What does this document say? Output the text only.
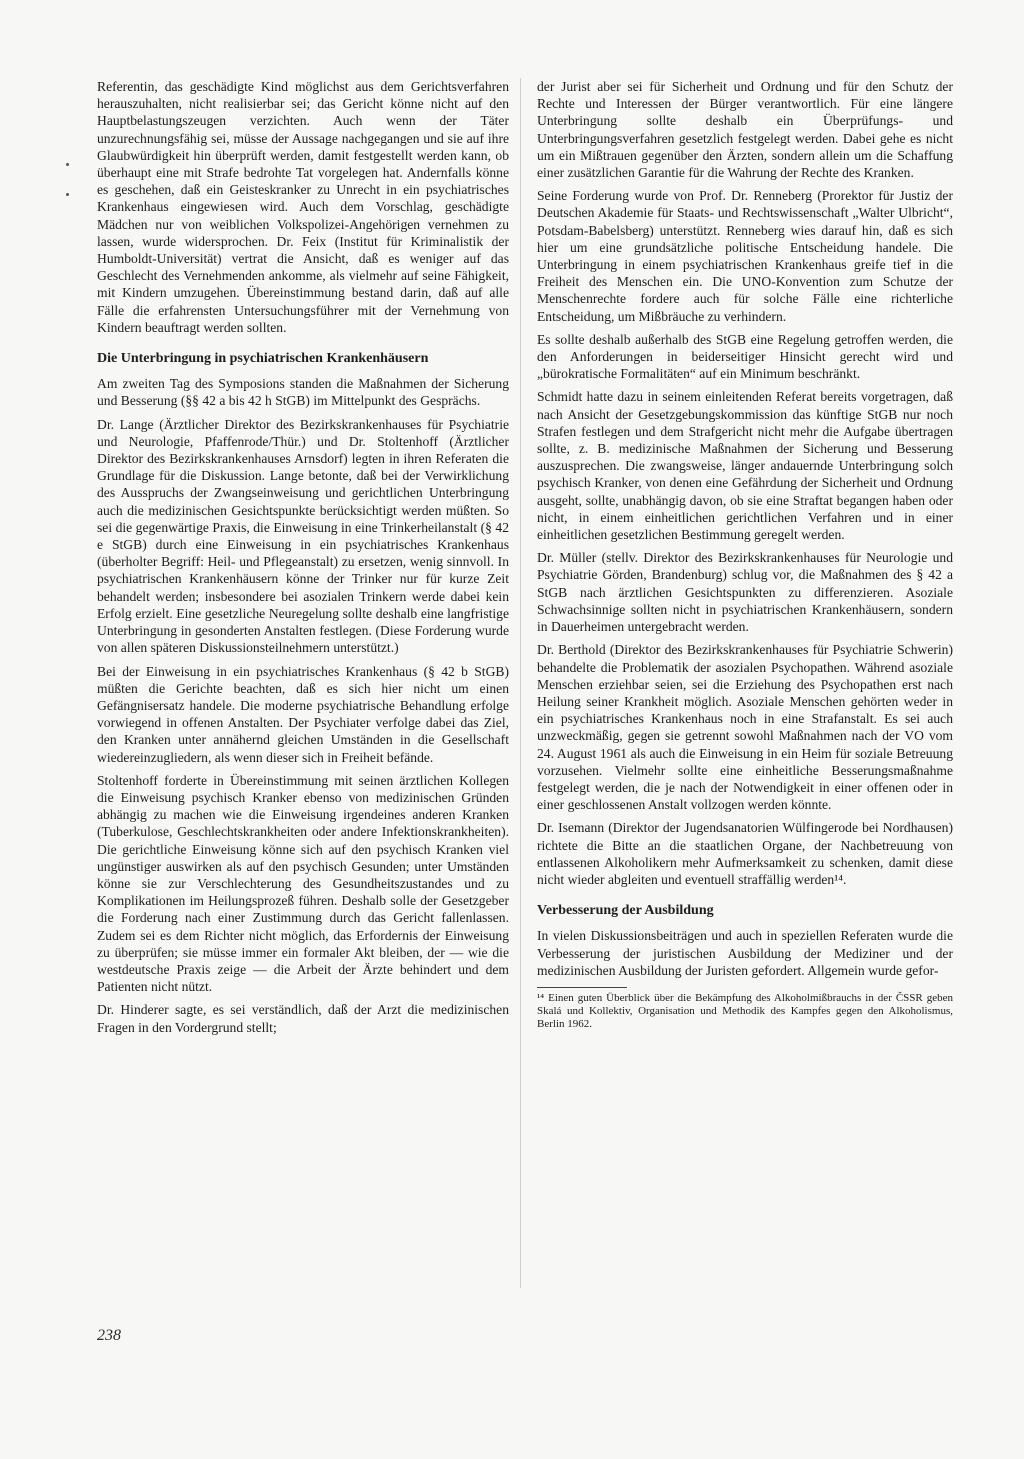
Referentin, das geschädigte Kind möglichst aus dem Gerichtsverfahren herauszuhalten, nicht realisierbar sei; das Gericht könne nicht auf den Hauptbelastungszeugen verzichten. Auch wenn der Täter unzurechnungsfähig sei, müsse der Aussage nachgegangen und sie auf ihre Glaubwürdigkeit hin überprüft werden, damit festgestellt werden kann, ob überhaupt eine mit Strafe bedrohte Tat vorgelegen hat. Andernfalls könne es geschehen, daß ein Geisteskranker zu Unrecht in ein psychiatrisches Krankenhaus eingewiesen wird. Auch dem Vorschlag, geschädigte Mädchen nur von weiblichen Volkspolizei-Angehörigen vernehmen zu lassen, wurde widersprochen. Dr. Feix (Institut für Kriminalistik der Humboldt-Universität) vertrat die Ansicht, daß es weniger auf das Geschlecht des Vernehmenden ankomme, als vielmehr auf seine Fähigkeit, mit Kindern umzugehen. Übereinstimmung bestand darin, daß auf alle Fälle die erfahrensten Untersuchungsführer mit der Vernehmung von Kindern beauftragt werden sollten.

Die Unterbringung in psychiatrischen Krankenhäusern

Am zweiten Tag des Symposions standen die Maßnahmen der Sicherung und Besserung (§§ 42 a bis 42 h StGB) im Mittelpunkt des Gesprächs.

Dr. Lange (Ärztlicher Direktor des Bezirkskrankenhauses für Psychiatrie und Neurologie, Pfaffenrode/Thür.) und Dr. Stoltenhoff (Ärztlicher Direktor des Bezirkskrankenhauses Arnsdorf) legten in ihren Referaten die Grundlage für die Diskussion. Lange betonte, daß bei der Verwirklichung des Ausspruchs der Zwangseinweisung und gerichtlichen Unterbringung auch die medizinischen Gesichtspunkte berücksichtigt werden müßten. So sei die gegenwärtige Praxis, die Einweisung in eine Trinkerheilanstalt (§ 42 e StGB) durch eine Einweisung in ein psychiatrisches Krankenhaus (überholter Begriff: Heil- und Pflegeanstalt) zu ersetzen, wenig sinnvoll. In psychiatrischen Krankenhäusern könne der Trinker nur für kurze Zeit behandelt werden; insbesondere bei asozialen Trinkern werde dabei kein Erfolg erzielt. Eine gesetzliche Neuregelung sollte deshalb eine langfristige Unterbringung in gesonderten Anstalten festlegen. (Diese Forderung wurde von allen späteren Diskussionsteilnehmern unterstützt.)

Bei der Einweisung in ein psychiatrisches Krankenhaus (§ 42 b StGB) müßten die Gerichte beachten, daß es sich hier nicht um einen Gefängnisersatz handele. Die moderne psychiatrische Behandlung erfolge vorwiegend in offenen Anstalten. Der Psychiater verfolge dabei das Ziel, den Kranken unter annähernd gleichen Umständen in die Gesellschaft wiedereinzugliedern, als wenn dieser sich in Freiheit befände.

Stoltenhoff forderte in Übereinstimmung mit seinen ärztlichen Kollegen die Einweisung psychisch Kranker ebenso von medizinischen Gründen abhängig zu machen wie die Einweisung irgendeines anderen Kranken (Tuberkulose, Geschlechtskrankheiten oder andere Infektionskrankheiten). Die gerichtliche Einweisung könne sich auf den psychisch Kranken viel ungünstiger auswirken als auf den psychisch Gesunden; unter Umständen könne sie zur Verschlechterung des Gesundheitszustandes und zu Komplikationen im Heilungsprozeß führen. Deshalb solle der Gesetzgeber die Forderung nach einer Zustimmung durch das Gericht fallenlassen. Zudem sei es dem Richter nicht möglich, das Erfordernis der Einweisung zu überprüfen; sie müsse immer ein formaler Akt bleiben, der — wie die westdeutsche Praxis zeige — die Arbeit der Ärzte behindert und dem Patienten nicht nützt.

Dr. Hinderer sagte, es sei verständlich, daß der Arzt die medizinischen Fragen in den Vordergrund stellt;

der Jurist aber sei für Sicherheit und Ordnung und für den Schutz der Rechte und Interessen der Bürger verantwortlich. Für eine längere Unterbringung sollte deshalb ein Überprüfungs- und Unterbringungsverfahren gesetzlich festgelegt werden. Dabei gehe es nicht um ein Mißtrauen gegenüber den Ärzten, sondern allein um die Schaffung einer zusätzlichen Garantie für die Wahrung der Rechte des Kranken.

Seine Forderung wurde von Prof. Dr. Renneberg (Prorektor für Justiz der Deutschen Akademie für Staats- und Rechtswissenschaft „Walter Ulbricht“, Potsdam-Babelsberg) unterstützt. Renneberg wies darauf hin, daß es sich hier um eine grundsätzliche politische Entscheidung handele. Die Unterbringung in einem psychiatrischen Krankenhaus greife tief in die Freiheit des Menschen ein. Die UNO-Konvention zum Schutze der Menschenrechte fordere auch für solche Fälle eine richterliche Entscheidung, um Mißbräuche zu verhindern.

Es sollte deshalb außerhalb des StGB eine Regelung getroffen werden, die den Anforderungen in beiderseitiger Hinsicht gerecht wird und „bürokratische Formalitäten“ auf ein Minimum beschränkt.

Schmidt hatte dazu in seinem einleitenden Referat bereits vorgetragen, daß nach Ansicht der Gesetzgebungskommission das künftige StGB nur noch Strafen festlegen und dem Strafgericht nicht mehr die Aufgabe übertragen sollte, z. B. medizinische Maßnahmen der Sicherung und Besserung auszusprechen. Die zwangsweise, länger andauernde Unterbringung solch psychisch Kranker, von denen eine Gefährdung der Sicherheit und Ordnung ausgeht, sollte, unabhängig davon, ob sie eine Straftat begangen haben oder nicht, in einem einheitlichen gerichtlichen Verfahren und in einer einheitlichen gesetzlichen Bestimmung geregelt werden.

Dr. Müller (stellv. Direktor des Bezirkskrankenhauses für Neurologie und Psychiatrie Görden, Brandenburg) schlug vor, die Maßnahmen des § 42 a StGB nach ärztlichen Gesichtspunkten zu differenzieren. Asoziale Schwachsinnige sollten nicht in psychiatrischen Krankenhäusern, sondern in Dauerheimen untergebracht werden.

Dr. Berthold (Direktor des Bezirkskrankenhauses für Psychiatrie Schwerin) behandelte die Problematik der asozialen Psychopathen. Während asoziale Menschen erziehbar seien, sei die Erziehung des Psychopathen erst nach Heilung seiner Krankheit möglich. Asoziale Menschen gehörten weder in ein psychiatrisches Krankenhaus noch in eine Strafanstalt. Es sei auch unzweckmäßig, gegen sie getrennt sowohl Maßnahmen nach der VO vom 24. August 1961 als auch die Einweisung in ein Heim für soziale Betreuung vorzusehen. Vielmehr sollte eine einheitliche Besserungsmaßnahme festgelegt werden, die je nach der Notwendigkeit in einer offenen oder in einer geschlossenen Anstalt vollzogen werden könnte.

Dr. Isemann (Direktor der Jugendsanatorien Wülfingerode bei Nordhausen) richtete die Bitte an die staatlichen Organe, der Nachbetreuung von entlassenen Alkoholikern mehr Aufmerksamkeit zu schenken, damit diese nicht wieder abgleiten und eventuell straffällig werden¹⁴.

Verbesserung der Ausbildung

In vielen Diskussionsbeiträgen und auch in speziellen Referaten wurde die Verbesserung der juristischen Ausbildung der Mediziner und der medizinischen Ausbildung der Juristen gefordert. Allgemein wurde gefor-

¹⁴ Einen guten Überblick über die Bekämpfung des Alkoholmißbrauchs in der ČSSR geben Skalá und Kollektiv, Organisation und Methodik des Kampfes gegen den Alkoholismus, Berlin 1962.

238
